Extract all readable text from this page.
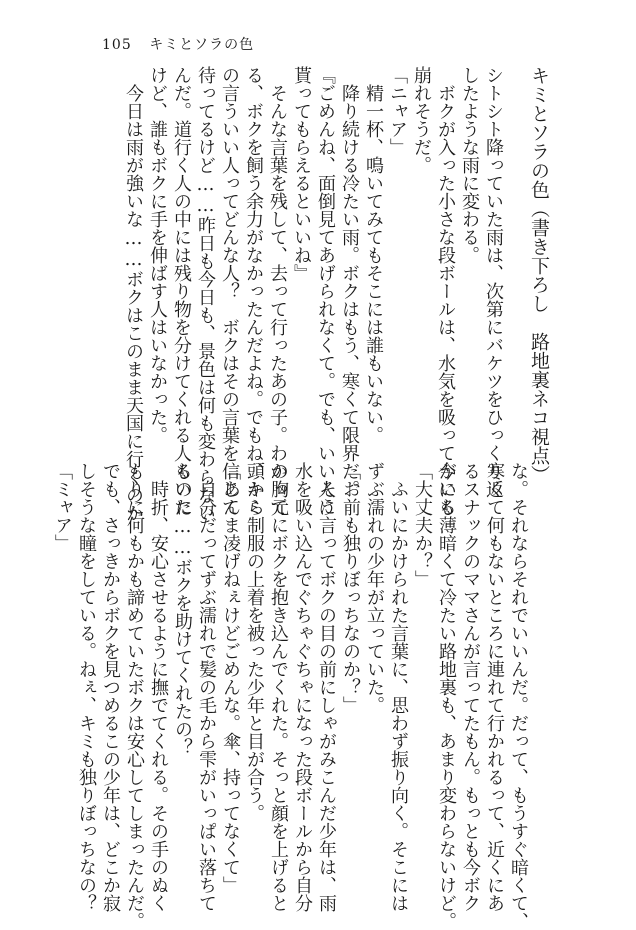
105 キミとソラの色
キミとソラの色（書き下ろし　路地裏ネコ視点）
シトシト降っていた雨は、次第にバケツをひっくり返
したような雨に変わる。
　ボクが入った小さな段ボールは、水気を吸って今にも
崩れそうだ。
「ニャア」
　精一杯、鳴いてみてもそこには誰もいない。
　降り続ける冷たい雨。ボクはもう、寒くて限界だ。
『ごめんね、面倒見てあげられなくて。でも、いい人に
貰ってもらえるといいね』
　そんな言葉を残して、去って行ったあの子。わかって
る、ボクを飼う余力がなかったんだよね。でもね、キミ
の言ういい人ってどんな人？　ボクはその言葉を信じて
待ってるけど……昨日も今日も、景色は何も変わらない
んだ。道行く人の中には残り物を分けてくれる人もいた
けど、誰もボクに手を伸ばす人はいなかった。
　今日は雨が強いな……ボクはこのまま天国に行くのか
な。それならそれでいいんだ。だって、もうすぐ暗くて、
寒くて何もないところに連れて行かれるって、近くにあ
るスナックのママさんが言ってたもん。もっとも今ボク
がいる薄暗くて冷たい路地裏も、あまり変わらないけど。
「大丈夫か？」
　ふいにかけられた言葉に、思わず振り向く。そこには
ずぶ濡れの少年が立っていた。
「お前も独りぼっちなのか？」
　そう言ってボクの目の前にしゃがみこんだ少年は、雨
水を吸い込んでぐちゃぐちゃになった段ボールから自分
の胸元にボクを抱き込んでくれた。そっと顔を上げると
頭から制服の上着を被った少年と目が合う。
「あんま凌げねぇけどごめんな。傘、持ってなくて」
　自分だってずぶ濡れで髪の毛から雫がいっぱい落ちて
るのに……ボクを助けてくれたの？
　時折、安心させるように撫でてくれる。その手のぬく
もりに何もかも諦めていたボクは安心してしまったんだ。
でも、さっきからボクを見つめるこの少年は、どこか寂
しそうな瞳をしている。ねぇ、キミも独りぼっちなの？
「ミャア」
